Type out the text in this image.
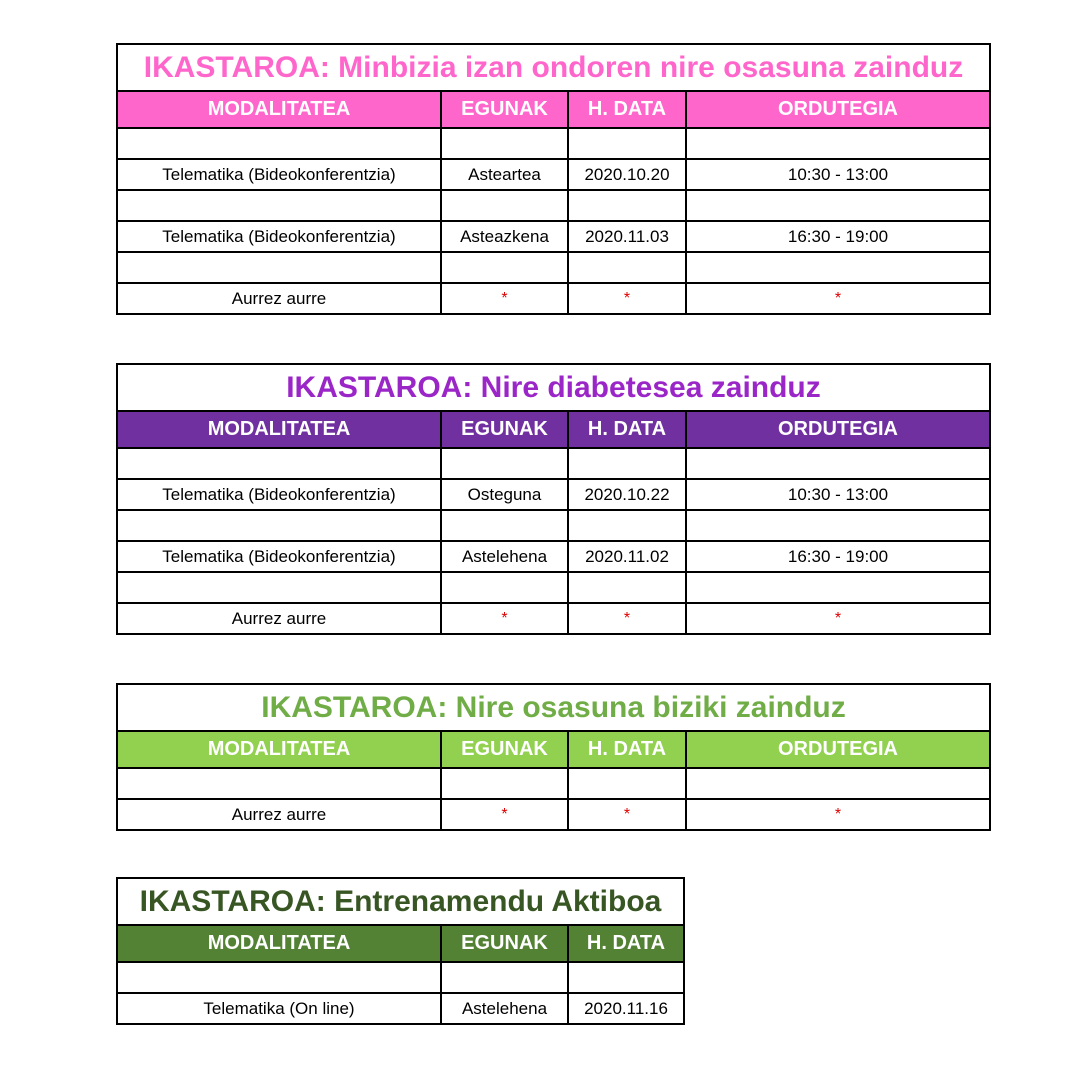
IKASTAROA: Minbizia izan ondoren nire osasuna zainduz
MODALITATEA	EGUNAK	H. DATA	ORDUTEGIA

Telematika (Bideokonferentzia)	Asteartea	2020.10.20	10:30 - 13:00

Telematika (Bideokonferentzia)	Asteazkena	2020.11.03	16:30 - 19:00

Aurrez aurre	*	*	*
IKASTAROA: Nire diabetesea zainduz
MODALITATEA	EGUNAK	H. DATA	ORDUTEGIA

Telematika (Bideokonferentzia)	Osteguna	2020.10.22	10:30 - 13:00

Telematika (Bideokonferentzia)	Astelehena	2020.11.02	16:30 - 19:00

Aurrez aurre	*	*	*
IKASTAROA: Nire osasuna biziki zainduz
MODALITATEA	EGUNAK	H. DATA	ORDUTEGIA

Aurrez aurre	*	*	*
IKASTAROA: Entrenamendu Aktiboa
MODALITATEA	EGUNAK	H. DATA

Telematika (On line)	Astelehena	2020.11.16
